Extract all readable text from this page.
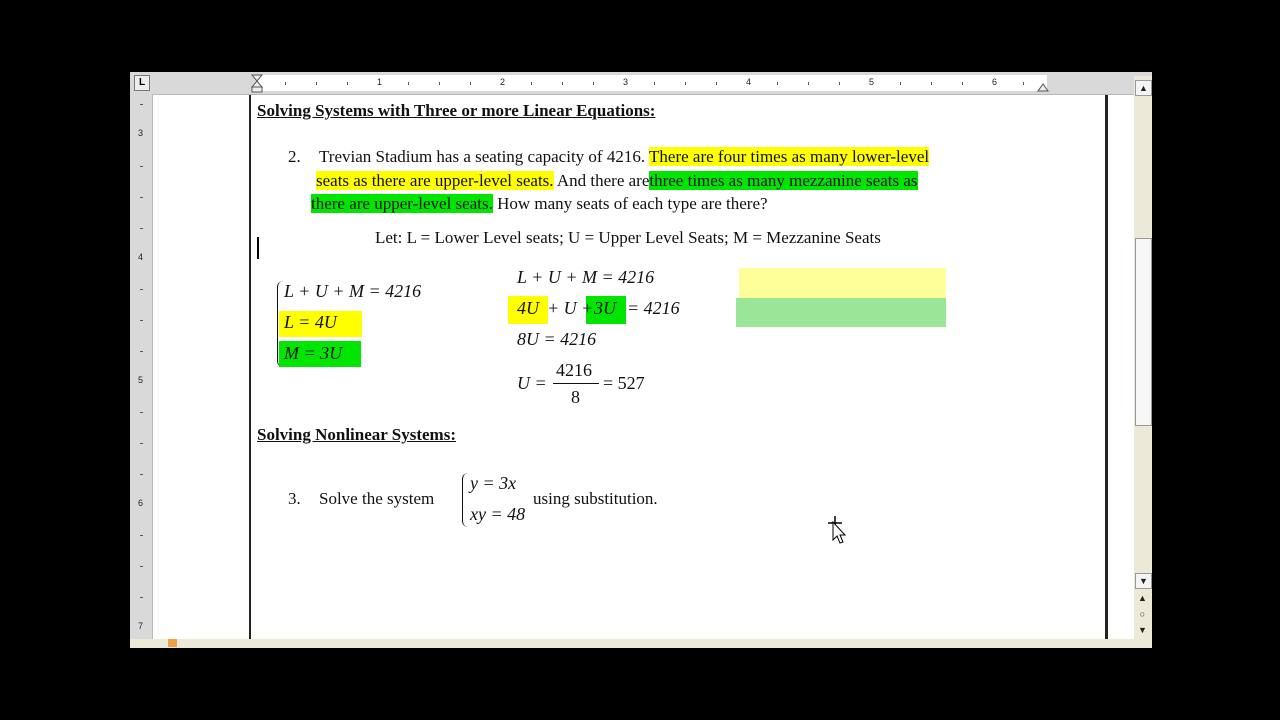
L	1	2	3	4	5	6
3
4
5
6
7
Solving Systems with Three or more Linear Equations:
2. Trevian Stadium has a seating capacity of 4216. There are four times as many lower-level
seats as there are upper-level seats. And there arethree times as many mezzanine seats as
there are upper-level seats. How many seats of each type are there?
Let: L = Lower Level seats; U = Upper Level Seats; M = Mezzanine Seats
L + U + M = 4216
L = 4U
M = 3U
L + U + M = 4216
4U + U + 3U = 4216
8U = 4216
U =
4216
8
= 527
Solving Nonlinear Systems:
3. Solve the system
y = 3x
xy = 48
using substitution.
▲
▼
▲
○
▼
